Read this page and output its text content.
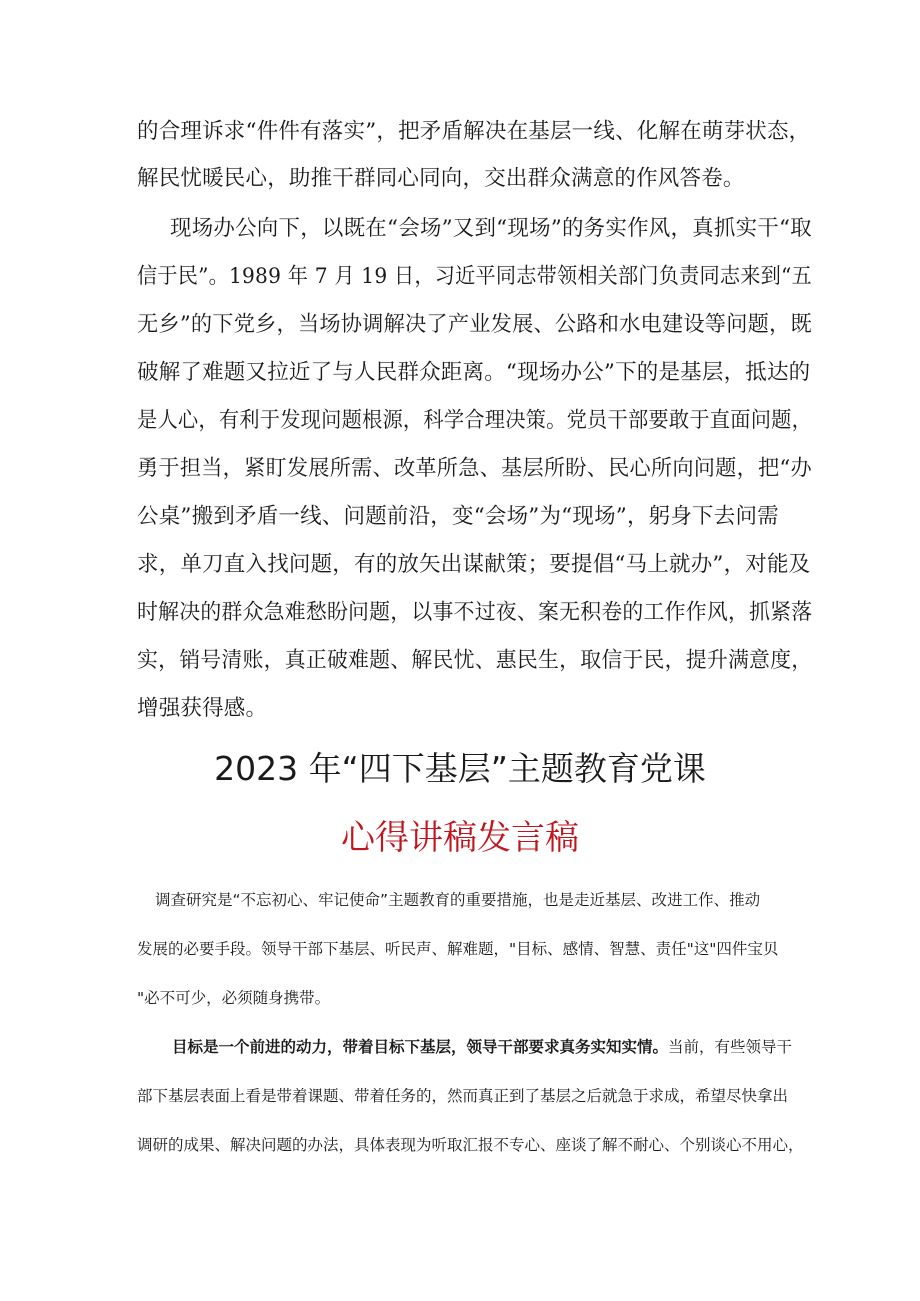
的合理诉求“件件有落实”，把矛盾解决在基层一线、化解在萌芽状态，

解民忧暖民心，助推干群同心同向，交出群众满意的作风答卷。

现场办公向下，以既在“会场”又到“现场”的务实作风，真抓实干“取

信于民”。1989 年 7 月 19 日，习近平同志带领相关部门负责同志来到“五

无乡”的下党乡，当场协调解决了产业发展、公路和水电建设等问题，既

破解了难题又拉近了与人民群众距离。“现场办公”下的是基层，抵达的

是人心，有利于发现问题根源，科学合理决策。党员干部要敢于直面问题，

勇于担当，紧盯发展所需、改革所急、基层所盼、民心所向问题，把“办

公桌”搬到矛盾一线、问题前沿，变“会场”为“现场”，躬身下去问需

求，单刀直入找问题，有的放矢出谋献策；要提倡“马上就办”，对能及

时解决的群众急难愁盼问题，以事不过夜、案无积卷的工作作风，抓紧落

实，销号清账，真正破难题、解民忧、惠民生，取信于民，提升满意度，

增强获得感。

2023 年“四下基层”主题教育党课
心得讲稿发言稿

调查研究是“不忘初心、牢记使命”主题教育的重要措施，也是走近基层、改进工作、推动

发展的必要手段。领导干部下基层、听民声、解难题，"目标、感情、智慧、责任"这"四件宝贝

"必不可少，必须随身携带。

目标是一个前进的动力，带着目标下基层，领导干部要求真务实知实情。当前，有些领导干

部下基层表面上看是带着课题、带着任务的，然而真正到了基层之后就急于求成，希望尽快拿出

调研的成果、解决问题的办法，具体表现为听取汇报不专心、座谈了解不耐心、个别谈心不用心，
